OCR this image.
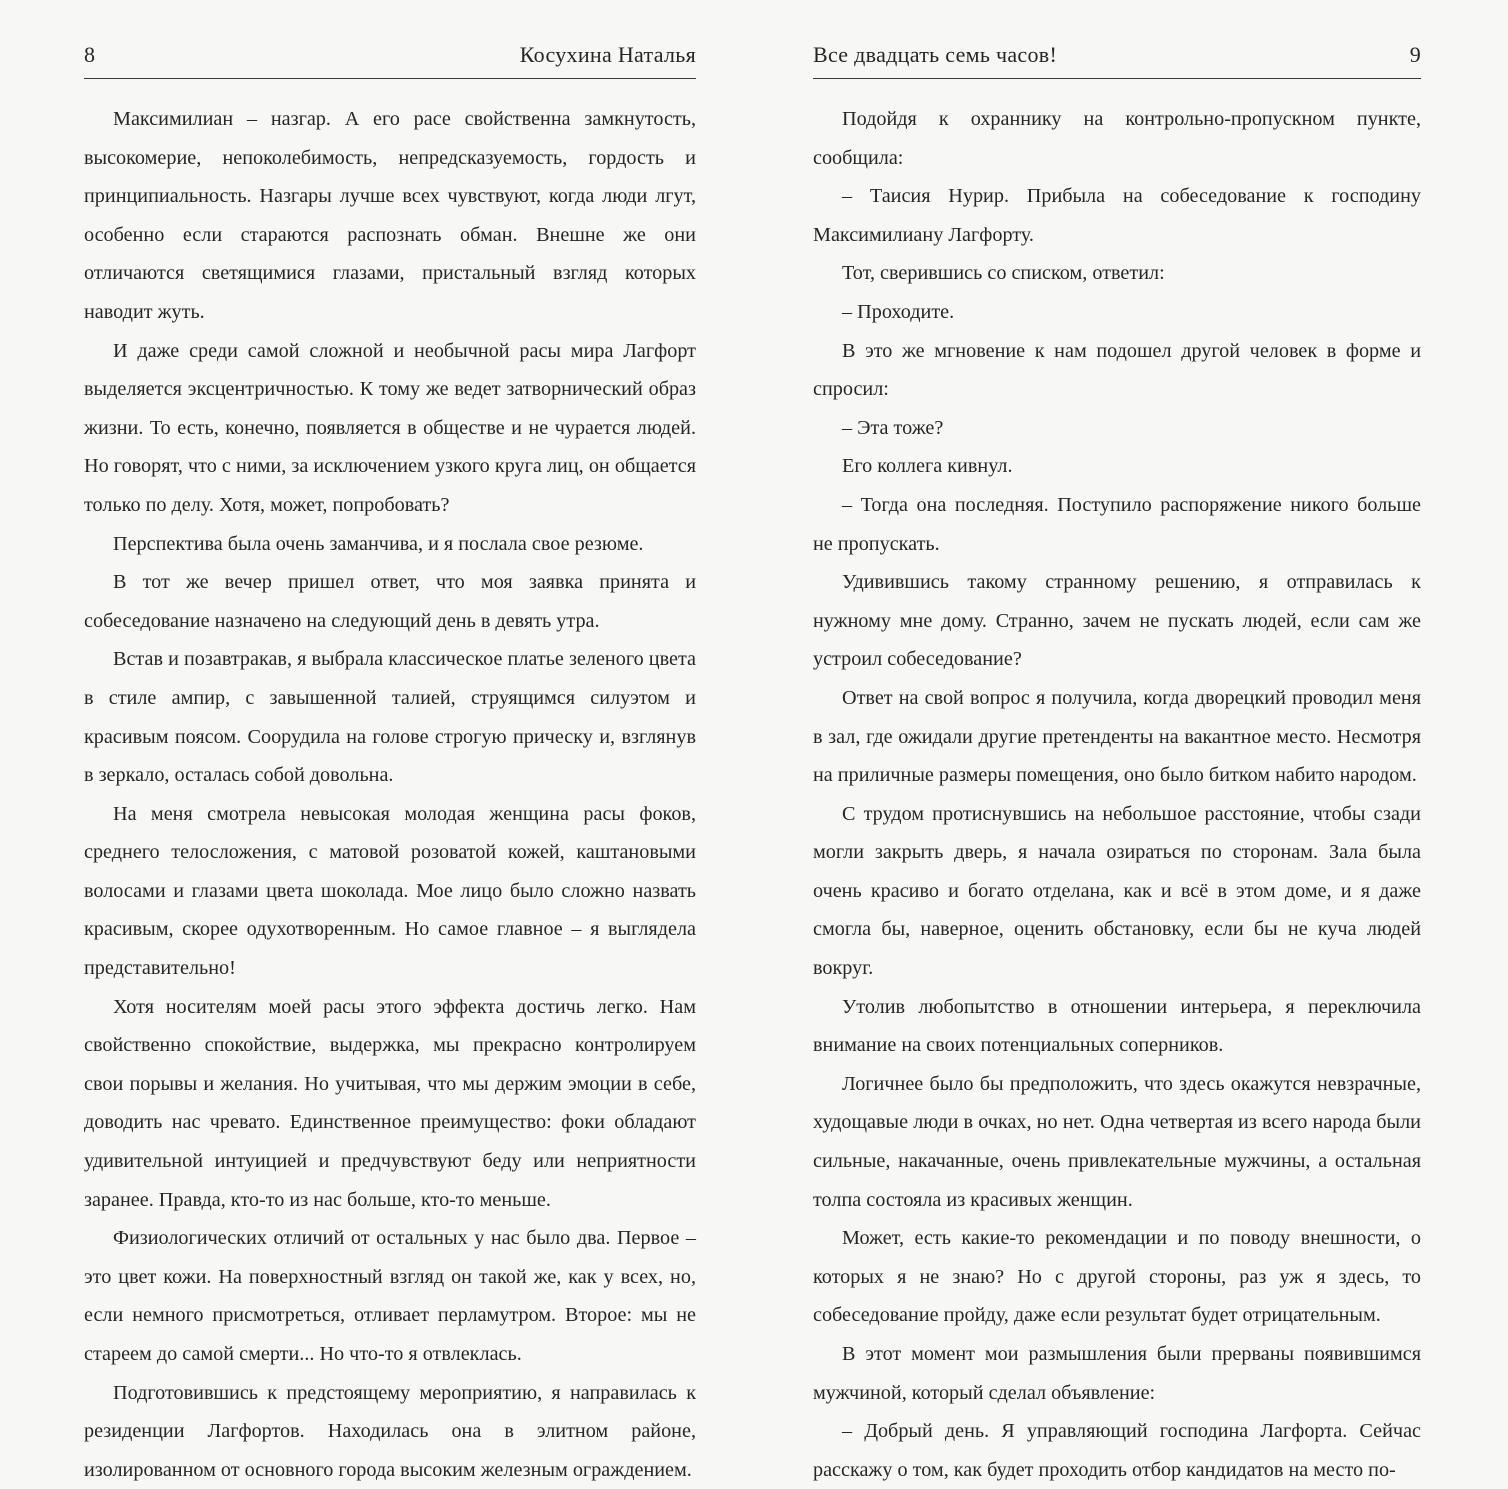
8	Косухина Наталья

Максимилиан – назгар. А его расе свойственна замкнутость, высокомерие, непоколебимость, непредсказуемость, гордость и принципиальность. Назгары лучше всех чувствуют, когда люди лгут, особенно если стараются распознать обман. Внешне же они отличаются светящимися глазами, пристальный взгляд которых наводит жуть.

И даже среди самой сложной и необычной расы мира Лагфорт выделяется эксцентричностью. К тому же ведет затворнический образ жизни. То есть, конечно, появляется в обществе и не чурается людей. Но говорят, что с ними, за исключением узкого круга лиц, он общается только по делу. Хотя, может, попробовать?

Перспектива была очень заманчива, и я послала свое резюме.

В тот же вечер пришел ответ, что моя заявка принята и собеседование назначено на следующий день в девять утра.

Встав и позавтракав, я выбрала классическое платье зеленого цвета в стиле ампир, с завышенной талией, струящимся силуэтом и красивым поясом. Соорудила на голове строгую прическу и, взглянув в зеркало, осталась собой довольна.

На меня смотрела невысокая молодая женщина расы фоков, среднего телосложения, с матовой розоватой кожей, каштановыми волосами и глазами цвета шоколада. Мое лицо было сложно назвать красивым, скорее одухотворенным. Но самое главное – я выглядела представительно!

Хотя носителям моей расы этого эффекта достичь легко. Нам свойственно спокойствие, выдержка, мы прекрасно контролируем свои порывы и желания. Но учитывая, что мы держим эмоции в себе, доводить нас чревато. Единственное преимущество: фоки обладают удивительной интуицией и предчувствуют беду или неприятности заранее. Правда, кто-то из нас больше, кто-то меньше.

Физиологических отличий от остальных у нас было два. Первое – это цвет кожи. На поверхностный взгляд он такой же, как у всех, но, если немного присмотреться, отливает перламутром. Второе: мы не стареем до самой смерти... Но что-то я отвлеклась.

Подготовившись к предстоящему мероприятию, я направилась к резиденции Лагфортов. Находилась она в элитном районе, изолированном от основного города высоким железным ограждением.

Все двадцать семь часов!	9

Подойдя к охраннику на контрольно-пропускном пункте, сообщила:

– Таисия Нурир. Прибыла на собеседование к господину Максимилиану Лагфорту.

Тот, сверившись со списком, ответил:

– Проходите.

В это же мгновение к нам подошел другой человек в форме и спросил:

– Эта тоже?

Его коллега кивнул.

– Тогда она последняя. Поступило распоряжение никого больше не пропускать.

Удивившись такому странному решению, я отправилась к нужному мне дому. Странно, зачем не пускать людей, если сам же устроил собеседование?

Ответ на свой вопрос я получила, когда дворецкий проводил меня в зал, где ожидали другие претенденты на вакантное место. Несмотря на приличные размеры помещения, оно было битком набито народом.

С трудом протиснувшись на небольшое расстояние, чтобы сзади могли закрыть дверь, я начала озираться по сторонам. Зала была очень красиво и богато отделана, как и всё в этом доме, и я даже смогла бы, наверное, оценить обстановку, если бы не куча людей вокруг.

Утолив любопытство в отношении интерьера, я переключила внимание на своих потенциальных соперников.

Логичнее было бы предположить, что здесь окажутся невзрачные, худощавые люди в очках, но нет. Одна четвертая из всего народа были сильные, накачанные, очень привлекательные мужчины, а остальная толпа состояла из красивых женщин.

Может, есть какие-то рекомендации и по поводу внешности, о которых я не знаю? Но с другой стороны, раз уж я здесь, то собеседование пройду, даже если результат будет отрицательным.

В этот момент мои размышления были прерваны появившимся мужчиной, который сделал объявление:

– Добрый день. Я управляющий господина Лагфорта. Сейчас расскажу о том, как будет проходить отбор кандидатов на место по-
